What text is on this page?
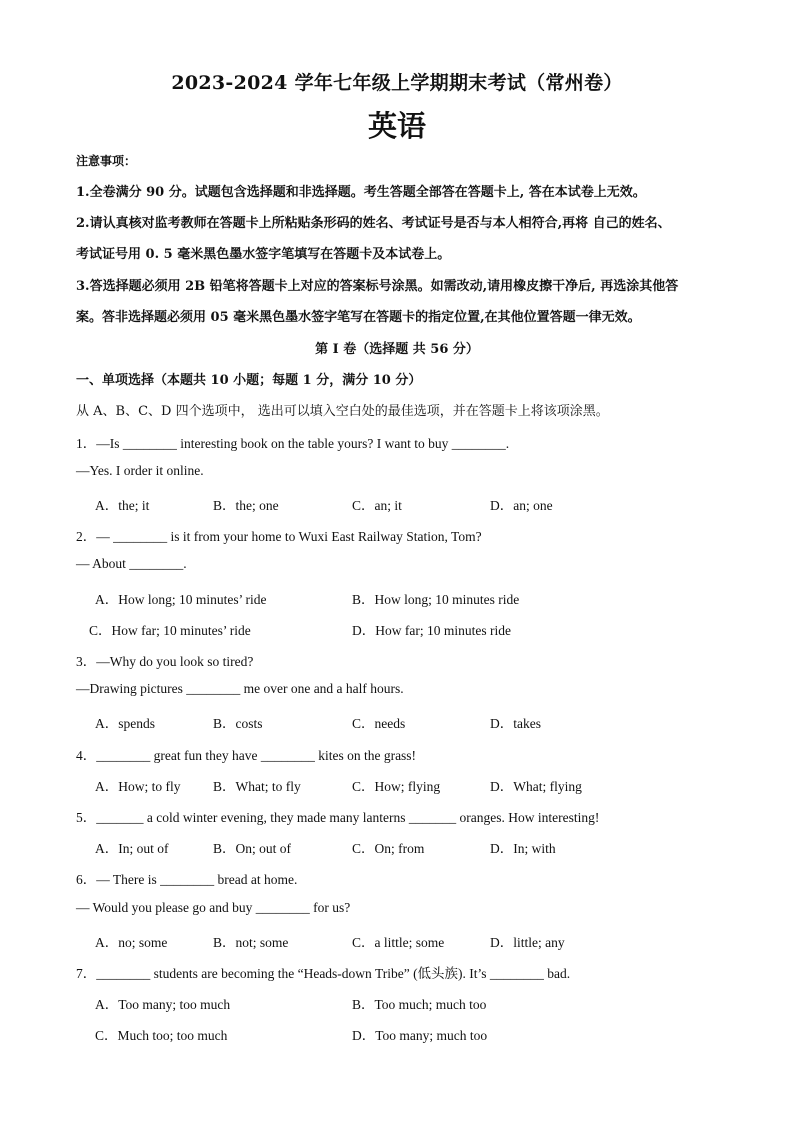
2023-2024 学年七年级上学期期末考试（常州卷）
英语
注意事项：
1.全卷满分 90 分。试题包含选择题和非选择题。考生答题全部答在答题卡上, 答在本试卷上无效。
2.请认真核对监考教师在答题卡上所粘贴条形码的姓名、考试证号是否与本人相符合,再将 自己的姓名、
考试证号用 0. 5 毫米黑色墨水签字笔填写在答题卡及本试卷上。
3.答选择题必须用 2B 铅笔将答题卡上对应的答案标号涂黑。如需改动,请用橡皮擦干净后, 再选涂其他答
案。答非选择题必须用 05 毫米黑色墨水签字笔写在答题卡的指定位置,在其他位置答题一律无效。
第 I 卷（选择题 共 56 分）
一、单项选择（本题共 10 小题；每题 1 分，满分 10 分）
从 A、B、C、D 四个选项中， 选出可以填入空白处的最佳选项，并在答题卡上将该项涂黑。
1．—Is ________ interesting book on the table yours? I want to buy ________.
—Yes. I order it online.
A．the; it	B．the; one	C．an; it	D．an; one
2．— ________ is it from your home to Wuxi East Railway Station, Tom?
— About ________.
A．How long; 10 minutes’ ride	B．How long; 10 minutes ride
C．How far; 10 minutes’ ride	D．How far; 10 minutes ride
3．—Why do you look so tired?
—Drawing pictures ________ me over one and a half hours.
A．spends	B．costs	C．needs	D．takes
4．________ great fun they have ________ kites on the grass!
A．How; to fly B．What; to fly	C．How; flying	D．What; flying
5．_______ a cold winter evening, they made many lanterns _______ oranges. How interesting!
A．In; out of	B．On; out of	C．On; from	D．In; with
6．— There is ________ bread at home.
— Would you please go and buy ________ for us?
A．no; some	B．not; some	C．a little; some	D．little; any
7．________ students are becoming the “Heads-down Tribe” (低头族). It’s ________ bad.
A．Too many; too much	B．Too much; much too
C．Much too; too much	D．Too many; much too
